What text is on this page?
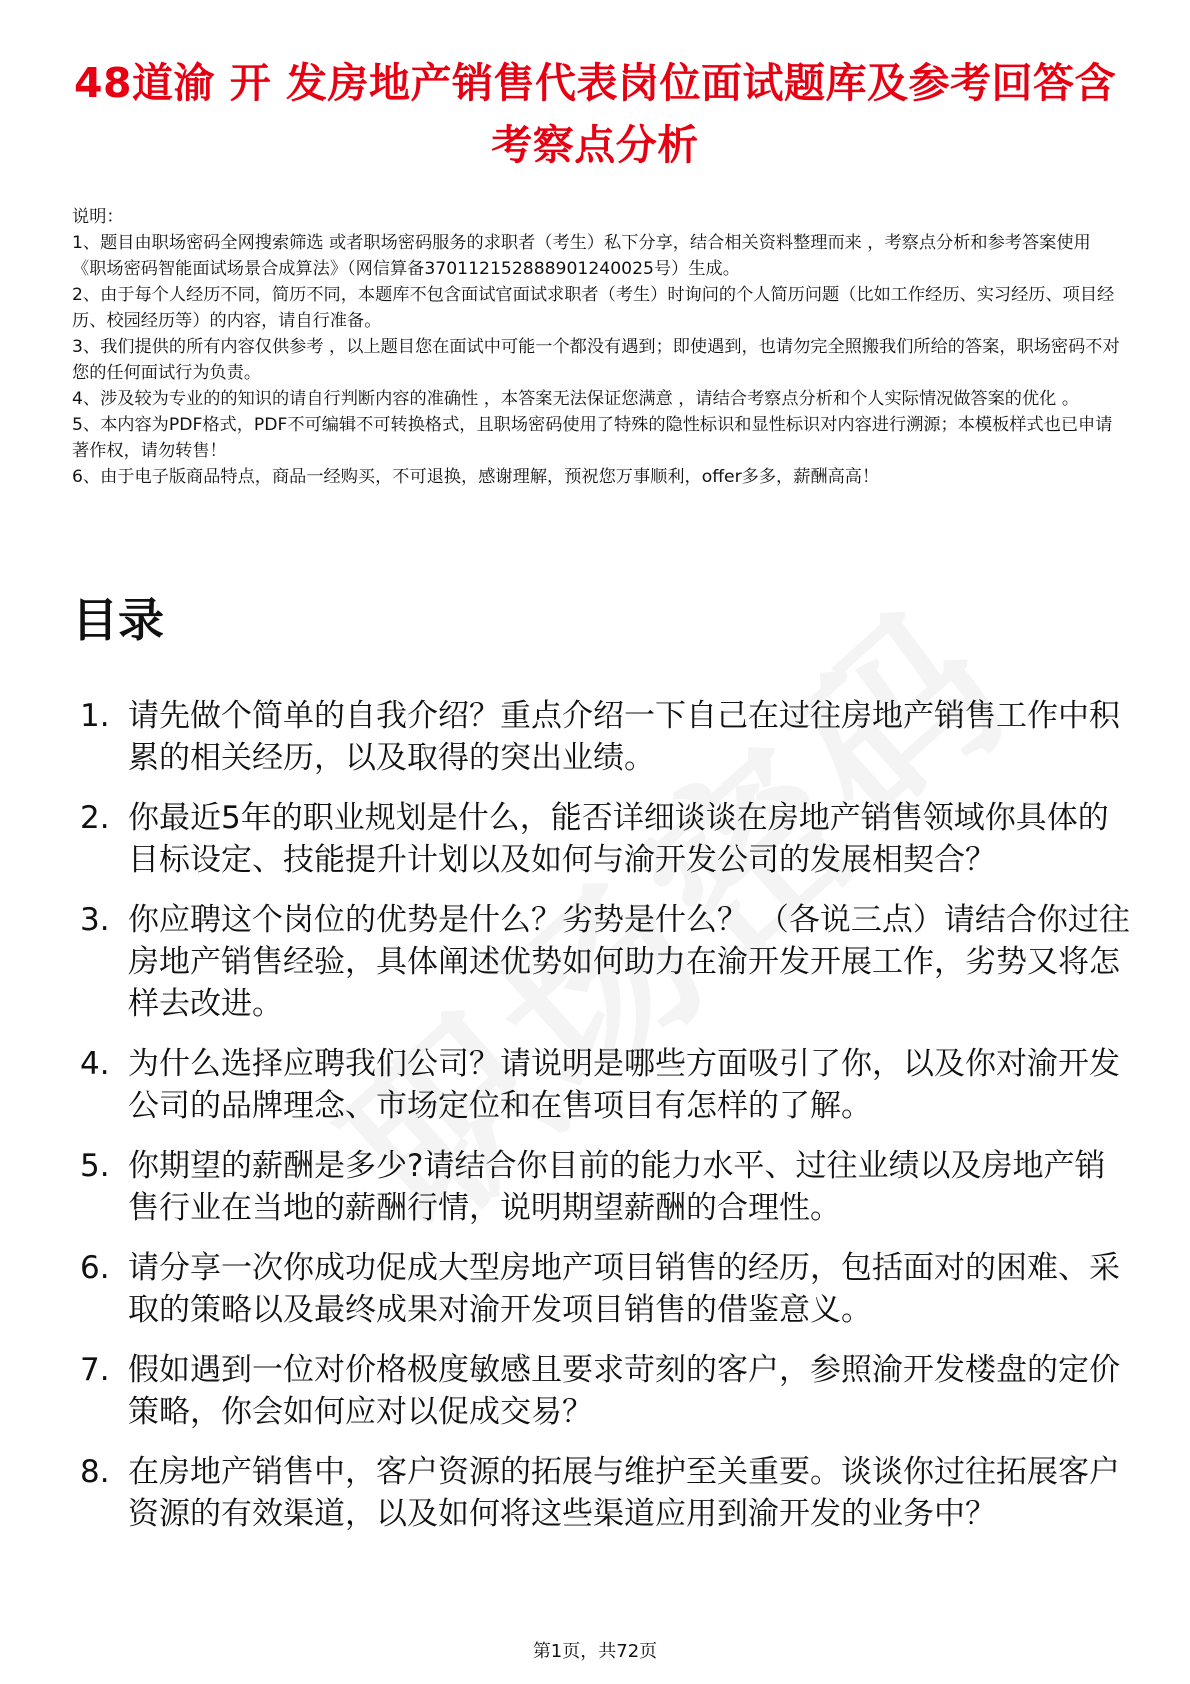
48道渝 开 发房地产销售代表岗位面试题库及参考回答含考察点分析

说明：

1、题目由职场密码全网搜索筛选 或者职场密码服务的求职者（考生）私下分享，结合相关资料整理而来 ，考察点分析和参考答案使用《职场密码智能面试场景合成算法》（网信算备370112152888901240025号）生成。

2、由于每个人经历不同，简历不同，本题库不包含面试官面试求职者（考生）时询问的个人简历问题（比如工作经历、实习经历、项目经历、校园经历等）的内容，请自行准备。

3、我们提供的所有内容仅供参考 ，以上题目您在面试中可能一个都没有遇到；即使遇到，也请勿完全照搬我们所给的答案，职场密码不对您的任何面试行为负责。

4、涉及较为专业的的知识的请自行判断内容的准确性 ，本答案无法保证您满意 ，请结合考察点分析和个人实际情况做答案的优化 。

5、本内容为PDF格式，PDF不可编辑不可转换格式，且职场密码使用了特殊的隐性标识和显性标识对内容进行溯源；本模板样式也已申请著作权，请勿转售！

6、由于电子版商品特点，商品一经购买，不可退换，感谢理解，预祝您万事顺利，offer多多，薪酬高高！

目录
1. 请先做个简单的自我介绍？重点介绍一下自己在过往房地产销售工作中积累的相关经历，以及取得的突出业绩。
2. 你最近5年的职业规划是什么，能否详细谈谈在房地产销售领域你具体的目标设定、技能提升计划以及如何与渝开发公司的发展相契合？
3. 你应聘这个岗位的优势是什么？劣势是什么？ （各说三点）请结合你过往房地产销售经验，具体阐述优势如何助力在渝开发开展工作，劣势又将怎样去改进。
4. 为什么选择应聘我们公司？请说明是哪些方面吸引了你，以及你对渝开发公司的品牌理念、市场定位和在售项目有怎样的了解。
5. 你期望的薪酬是多少?请结合你目前的能力水平、过往业绩以及房地产销售行业在当地的薪酬行情，说明期望薪酬的合理性。
6. 请分享一次你成功促成大型房地产项目销售的经历，包括面对的困难、采取的策略以及最终成果对渝开发项目销售的借鉴意义。
7. 假如遇到一位对价格极度敏感且要求苛刻的客户，参照渝开发楼盘的定价策略，你会如何应对以促成交易？
8. 在房地产销售中，客户资源的拓展与维护至关重要。谈谈你过往拓展客户资源的有效渠道，以及如何将这些渠道应用到渝开发的业务中？
第1页，共72页
